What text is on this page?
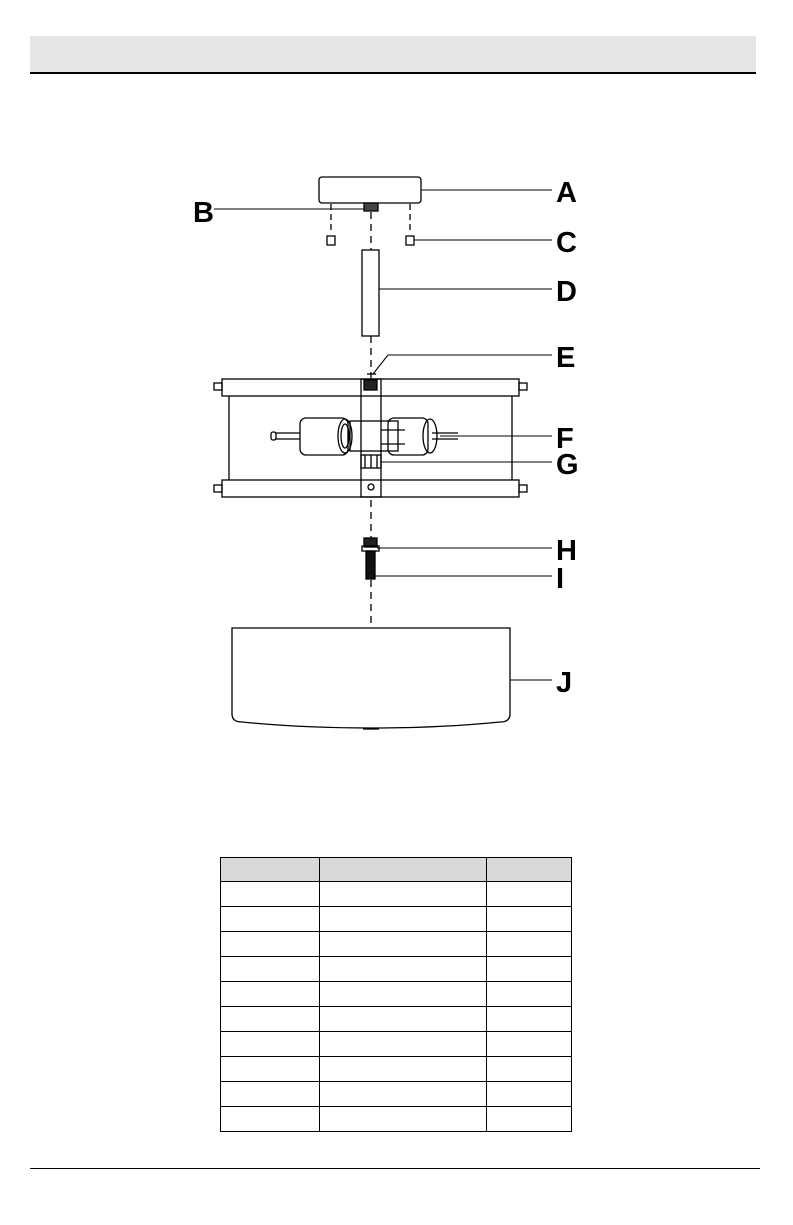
A
B
C
D
E
F
G
H
I
J
